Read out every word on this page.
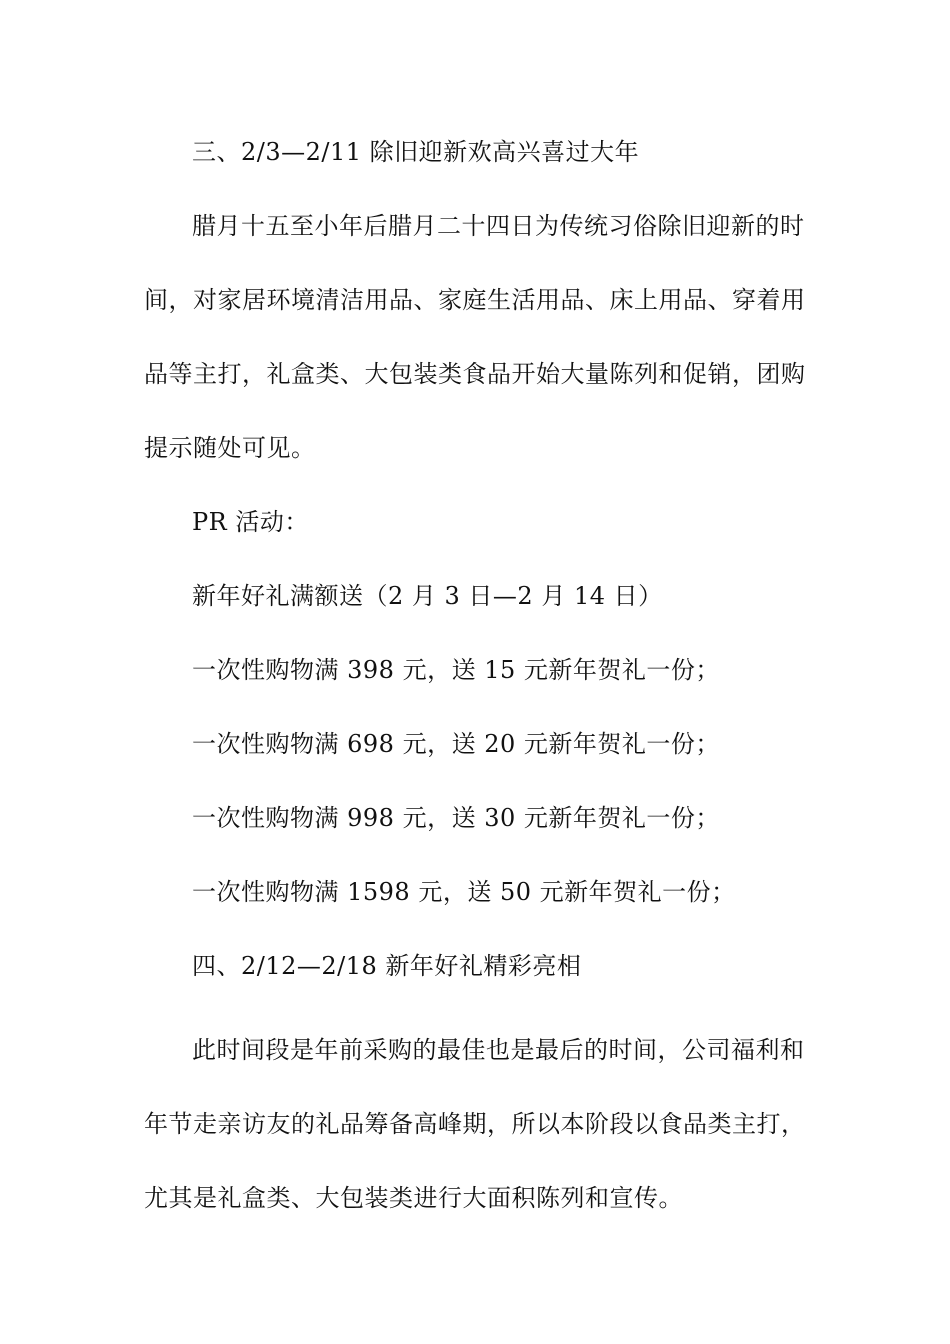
三、2/3—2/11 除旧迎新欢高兴喜过大年
腊月十五至小年后腊月二十四日为传统习俗除旧迎新的时
间，对家居环境清洁用品、家庭生活用品、床上用品、穿着用
品等主打，礼盒类、大包装类食品开始大量陈列和促销，团购
提示随处可见。
PR 活动：
新年好礼满额送（2 月 3 日—2 月 14 日）
一次性购物满 398 元，送 15 元新年贺礼一份；
一次性购物满 698 元，送 20 元新年贺礼一份；
一次性购物满 998 元，送 30 元新年贺礼一份；
一次性购物满 1598 元，送 50 元新年贺礼一份；
四、2/12—2/18 新年好礼精彩亮相
此时间段是年前采购的最佳也是最后的时间，公司福利和
年节走亲访友的礼品筹备高峰期，所以本阶段以食品类主打，
尤其是礼盒类、大包装类进行大面积陈列和宣传。
